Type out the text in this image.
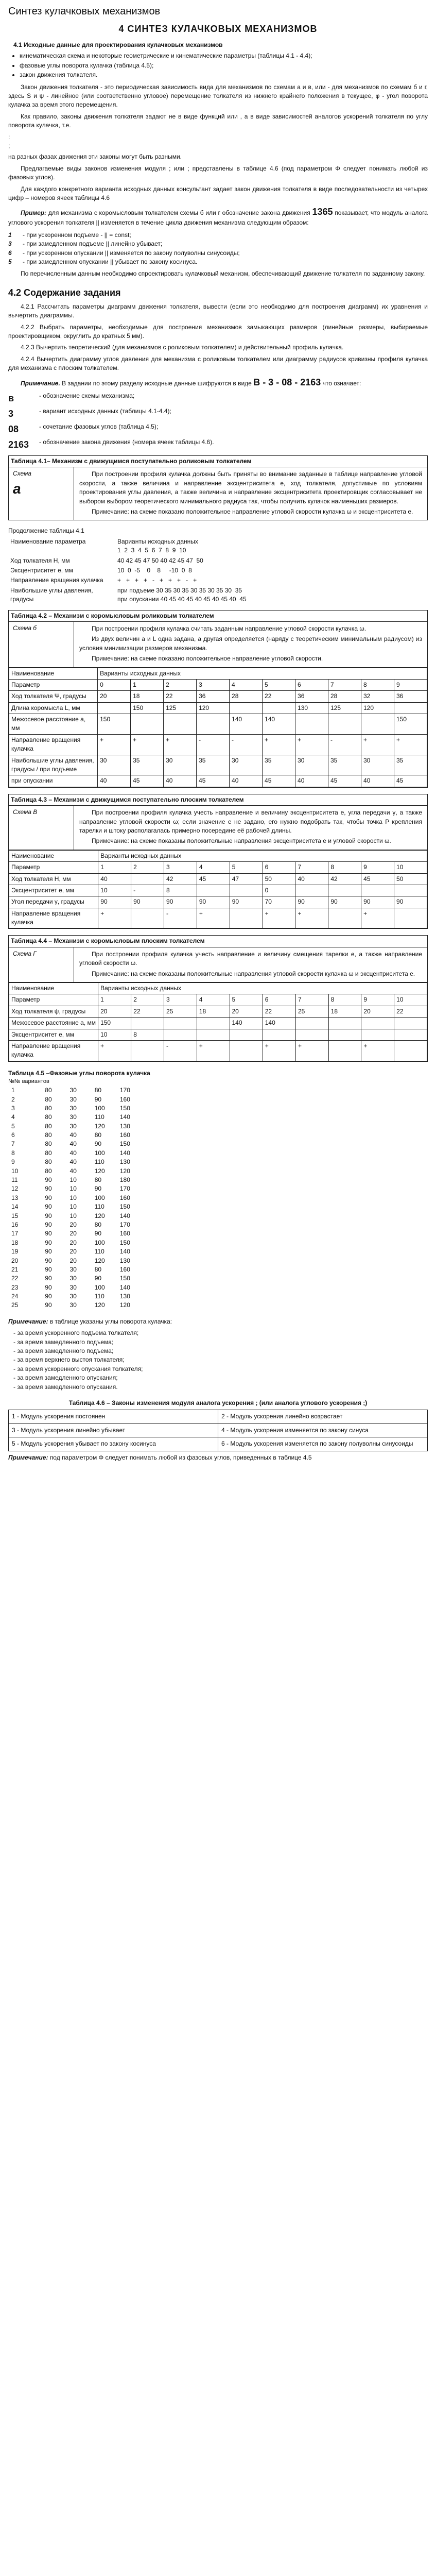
Синтез кулачковых механизмов
4 СИНТЕЗ КУЛАЧКОВЫХ МЕХАНИЗМОВ
4.1 Исходные данные для проектирования кулачковых механизмов
• кинематическая схема и некоторые геометрические и кинематические параметры (таблицы 4.1 - 4.4);
• фазовые углы поворота кулачка (таблица 4.5);
• закон движения толкателя.

Закон движения толкателя - это периодическая зависимость вида для механизмов по схемам а и в, или - для механизмов по схемам б и г, здесь S и ψ - линейное (или соответственно угловое) перемещение толкателя из нижнего крайнего положения в текущее, φ - угол поворота кулачка за время этого перемещения.

Как правило, законы движения толкателя задают не в виде функций или , а в виде зависимостей аналогов ускорений толкателя по углу поворота кулачка, т.е.

:
;

на разных фазах движения эти законы могут быть разными.

Предлагаемые виды законов изменения модуля ; или ; представлены в таблице 4.6 (под параметром Φ следует понимать любой из фазовых углов).

Для каждого конкретного варианта исходных данных консультант задает закон движения толкателя в виде последовательности из четырех цифр – номеров ячеек таблицы 4.6

Пример: для механизма с коромысловым толкателем схемы б или г обозначение закона движения 1365 показывает, что модуль аналога углового ускорения толкателя || изменяется в течение цикла движения механизма следующим образом:

1	- при ускоренном подъеме - || = const;
3	- при замедленном подъеме || линейно убывает;
6	- при ускоренном опускании || изменяется по закону полуволны синусоиды;
5	- при замедленном опускании || убывает по закону косинуса.

По перечисленным данным необходимо спроектировать кулачковый механизм, обеспечивающий движение толкателя по заданному закону.

4.2 Содержание задания

4.2.1 Рассчитать параметры диаграмм движения толкателя, вывести (если это необходимо для построения диаграмм) их уравнения и вычертить диаграммы.

4.2.2 Выбрать параметры, необходимые для построения механизмов замыкающих размеров (линейные размеры, выбираемые проектировщиком, округлить до кратных 5 мм).

4.2.3 Вычертить теоретический (для механизмов с роликовым толкателем) и действительный профиль кулачка.

4.2.4 Вычертить диаграмму углов давления для механизма с роликовым толкателем или диаграмму радиусов кривизны профиля кулачка для механизма с плоским толкателем.

Примечание. В задании по этому разделу исходные данные шифруются в виде В - 3 - 08 - 2163 что означает:

в	- обозначение схемы механизма;
3	- вариант исходных данных (таблицы 4.1-4.4);
08	- сочетание фазовых углов (таблица 4.5);
2163	- обозначение закона движения (номера ячеек таблицы 4.6).
Таблица 4.1– Механизм с движущимся поступательно роликовым толкателем
Схема
а

При построении профиля кулачка должны быть приняты во внимание заданные в таблице направление угловой скорости, а также величина и направление эксцентриситета е, ход толкателя, допустимые по условиям проектирования углы давления, а также величина и направление эксцентриситета проектировщик согласовывает не выбором выбором теоретического минимального радиуса так, чтобы получить кулачок наименьших размеров.

Примечание: на схеме показано положительное направление угловой скорости кулачка ω и эксцентриситета e.

Продолжение таблицы 4.1
Наименование параметра	Варианты исходных данных
1  2  3  4  5  6  7  8  9  10
Ход толкателя H, мм	40 42 45 47 50 40 42 45 47  50
Эксцентриситет e, мм	10  0  -5    0    8     -10  0  8
Направление вращения кулачка	+   +   +   +   -   +   +   +   -   +
Наибольшие углы давления, градусы	при подъеме 30 35 30 35 30 35 30 35 30  35
при опускании 40 45 40 45 40 45 40 45 40  45
Таблица 4.2 – Механизм с коромысловым роликовым толкателем
Схема б	При построении профиля кулачка считать заданным направление угловой скорости кулачка ω.

Из двух величин a и L одна задана, а другая определяется (наряду с теоретическим минимальным радиусом) из условия минимизации размеров механизма.

Примечание: на схеме показано положительное направление угловой скорости.

Наименование	Варианты исходных данных									
Параметр	0	1	2	3	4	5	6	7	8	9
Ход толкателя Ψ, градусы	20	18	22	36	28	22	36	28	32	36
Длина коромысла L, мм		150	125	120			130	125	120	
Межосевое расстояние a, мм	150				140	140				150
Направление вращения кулачка	+	+	+	-	-	+	+	-	+	+
Наибольшие углы давления, градусы / при подъеме	30	35	30	35	30	35	30	35	30	35
при опускании	40	45	40	45	40	45	40	45	40	45
Таблица 4.3 – Механизм с движущимся поступательно плоским толкателем
Схема В	При построении профиля кулачка учесть направление и величину эксцентриситета e, угла передачи γ, а также направление угловой скорости ω; если значение e не задано, его нужно подобрать так, чтобы точка P крепления тарелки и штоку располагалась примерно посередине её рабочей длины.

Примечание: на схеме показаны положительные направления эксцентриситета e и угловой скорости ω.

Наименование	Варианты исходных данных									
Параметр	1	2	3	4	5	6	7	8	9	10
Ход толкателя H, мм	40		42	45	47	50	40	42	45	50
Эксцентриситет e, мм	10	-	8			0				
Угол передачи γ, градусы	90	90	90	90	90	70	90	90	90	90
Направление вращения кулачка	+		-	+		+	+		+	
Таблица 4.4 – Механизм с коромысловым плоским толкателем
Схема Г	При построении профиля кулачка учесть направление и величину смещения тарелки е, а также направление угловой скорости ω.

Примечание: на схеме показаны положительные направления угловой скорости кулачка ω и эксцентриситета e.

Наименование	Варианты исходных данных									
Параметр	1	2	3	4	5	6	7	8	9	10
Ход толкателя ψ, градусы	20	22	25	18	20	22	25	18	20	22
Межосевое расстояние a, мм	150				140	140				
Эксцентриситет e, мм	10	8								
Направление вращения кулачка	+		-	+		+	+		+	
Таблица 4.5 –Фазовые углы поворота кулачка
№№ вариантов
1	80	30	80	170
2	80	30	90	160
3	80	30	100	150
4	80	30	110	140
5	80	30	120	130
6	80	40	80	160
7	80	40	90	150
8	80	40	100	140
9	80	40	110	130
10	80	40	120	120
11	90	10	80	180
12	90	10	90	170
13	90	10	100	160
14	90	10	110	150
15	90	10	120	140
16	90	20	80	170
17	90	20	90	160
18	90	20	100	150
19	90	20	110	140
20	90	20	120	130
21	90	30	80	160
22	90	30	90	150
23	90	30	100	140
24	90	30	110	130
25	90	30	120	120

Примечание: в таблице указаны углы поворота кулачка:

- за время ускоренного подъема толкателя;
- за время замедленного подъема;
- за время замедленного подъема;
- за время верхнего выстоя толкателя;
- за время ускоренного опускания толкателя;
- за время замедленного опускания;
- за время замедленного опускания.
Таблица 4.6 – Законы изменения модуля аналога ускорения ; (или аналога углового ускорения ;)
1 - Модуль ускорения постоянен	2 - Модуль ускорения линейно возрастает
3 - Модуль ускорения линейно убывает	4 - Модуль ускорения изменяется по закону синуса
5 - Модуль ускорения убывает по закону косинуса	6 - Модуль ускорения изменяется по закону полуволны синусоиды

Примечание: под параметром Φ следует понимать любой из фазовых углов, приведенных в таблице 4.5
